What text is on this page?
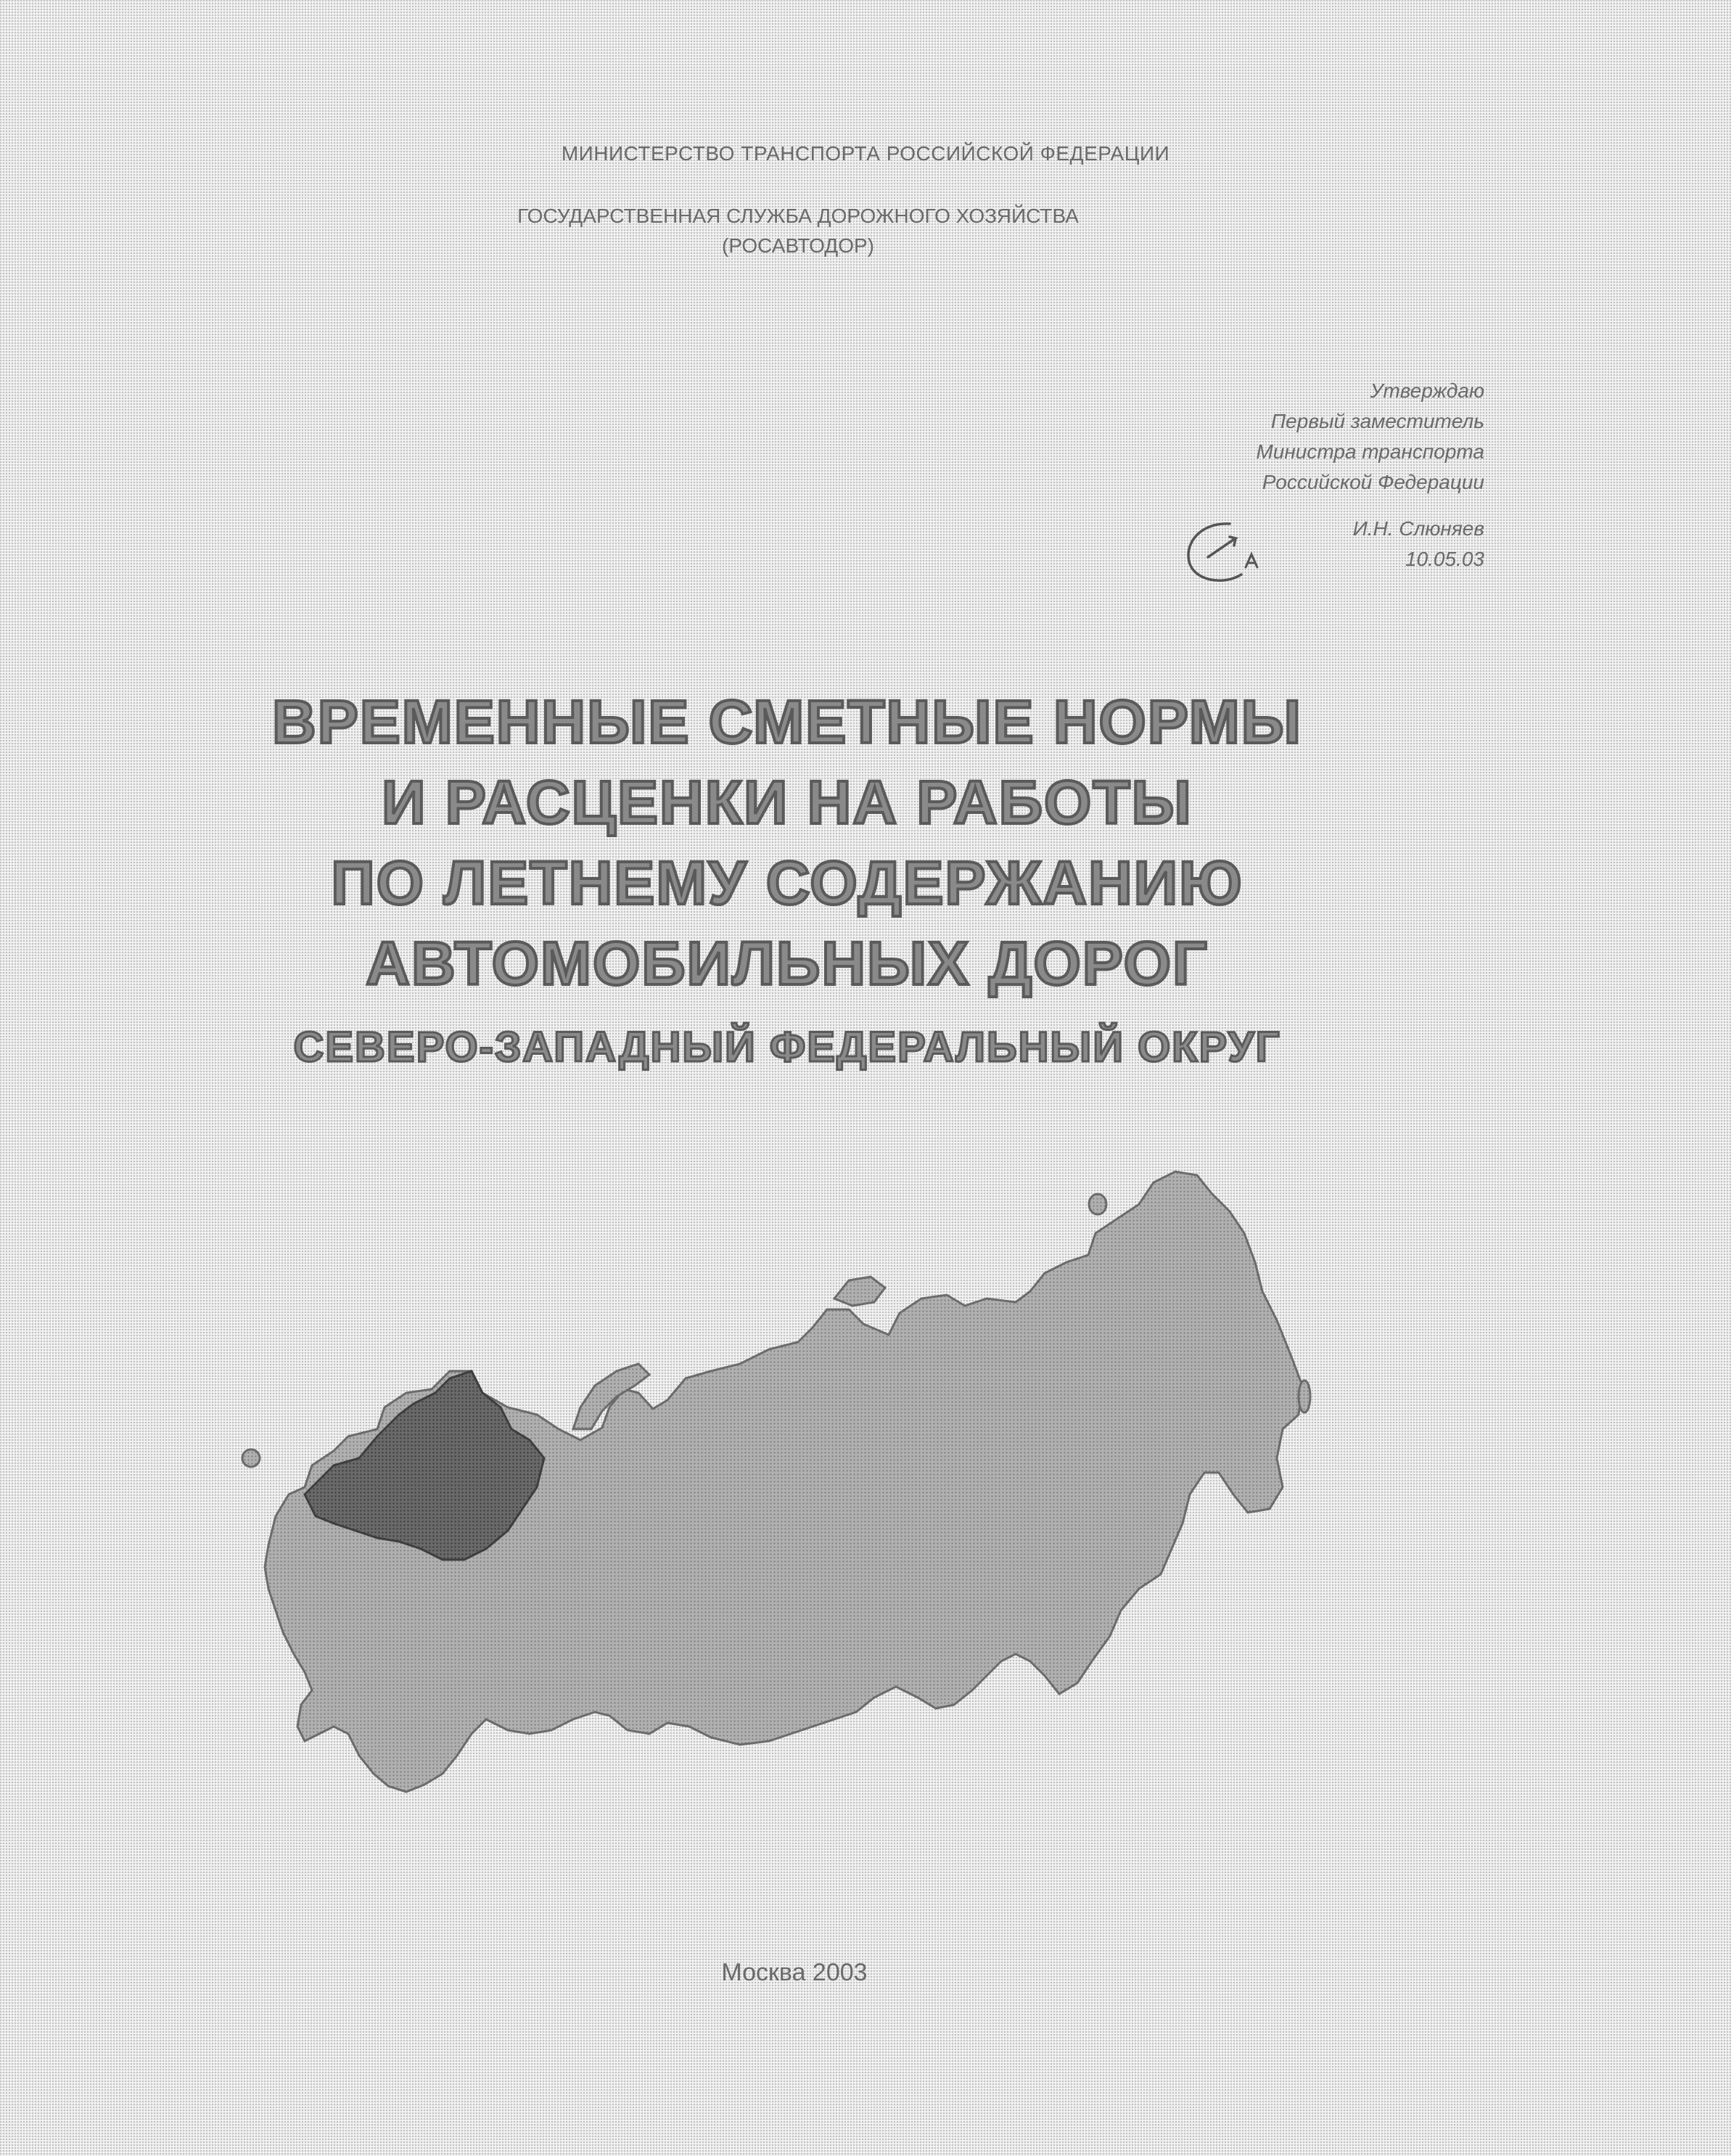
МИНИСТЕРСТВО ТРАНСПОРТА РОССИЙСКОЙ ФЕДЕРАЦИИ
ГОСУДАРСТВЕННАЯ СЛУЖБА ДОРОЖНОГО ХОЗЯЙСТВА
(РОСАВТОДОР)
Утверждаю
Первый заместитель
Министра транспорта
Российской Федерации
И.Н. Слюняев
10.05.03
ВРЕМЕННЫЕ СМЕТНЫЕ НОРМЫ
И РАСЦЕНКИ НА РАБОТЫ
ПО ЛЕТНЕМУ СОДЕРЖАНИЮ
АВТОМОБИЛЬНЫХ ДОРОГ
СЕВЕРО-ЗАПАДНЫЙ ФЕДЕРАЛЬНЫЙ ОКРУГ
Москва 2003
